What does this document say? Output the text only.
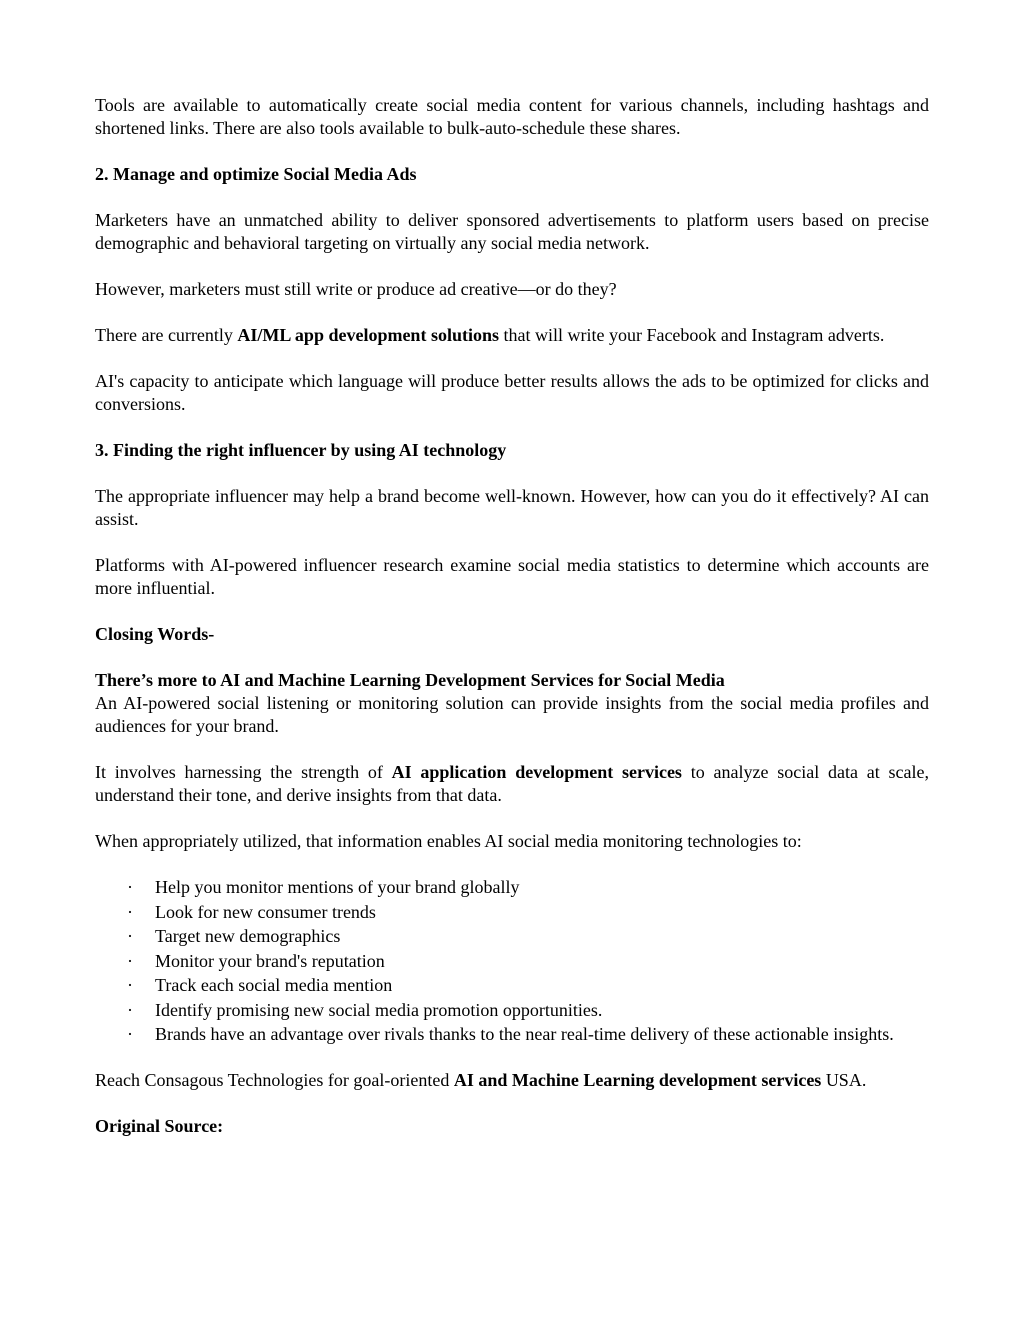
Tools are available to automatically create social media content for various channels, including hashtags and shortened links. There are also tools available to bulk-auto-schedule these shares.

2. Manage and optimize Social Media Ads

Marketers have an unmatched ability to deliver sponsored advertisements to platform users based on precise demographic and behavioral targeting on virtually any social media network.

However, marketers must still write or produce ad creative—or do they?

There are currently AI/ML app development solutions that will write your Facebook and Instagram adverts.

AI's capacity to anticipate which language will produce better results allows the ads to be optimized for clicks and conversions.

3. Finding the right influencer by using AI technology

The appropriate influencer may help a brand become well-known. However, how can you do it effectively? AI can assist.

Platforms with AI-powered influencer research examine social media statistics to determine which accounts are more influential.

Closing Words-
There’s more to AI and Machine Learning Development Services for Social Media

An AI-powered social listening or monitoring solution can provide insights from the social media profiles and audiences for your brand.

It involves harnessing the strength of AI application development services to analyze social data at scale, understand their tone, and derive insights from that data.

When appropriately utilized, that information enables AI social media monitoring technologies to:

· Help you monitor mentions of your brand globally
· Look for new consumer trends
· Target new demographics
· Monitor your brand's reputation
· Track each social media mention
· Identify promising new social media promotion opportunities.
· Brands have an advantage over rivals thanks to the near real-time delivery of these actionable insights.

Reach Consagous Technologies for goal-oriented AI and Machine Learning development services USA.

Original Source:
